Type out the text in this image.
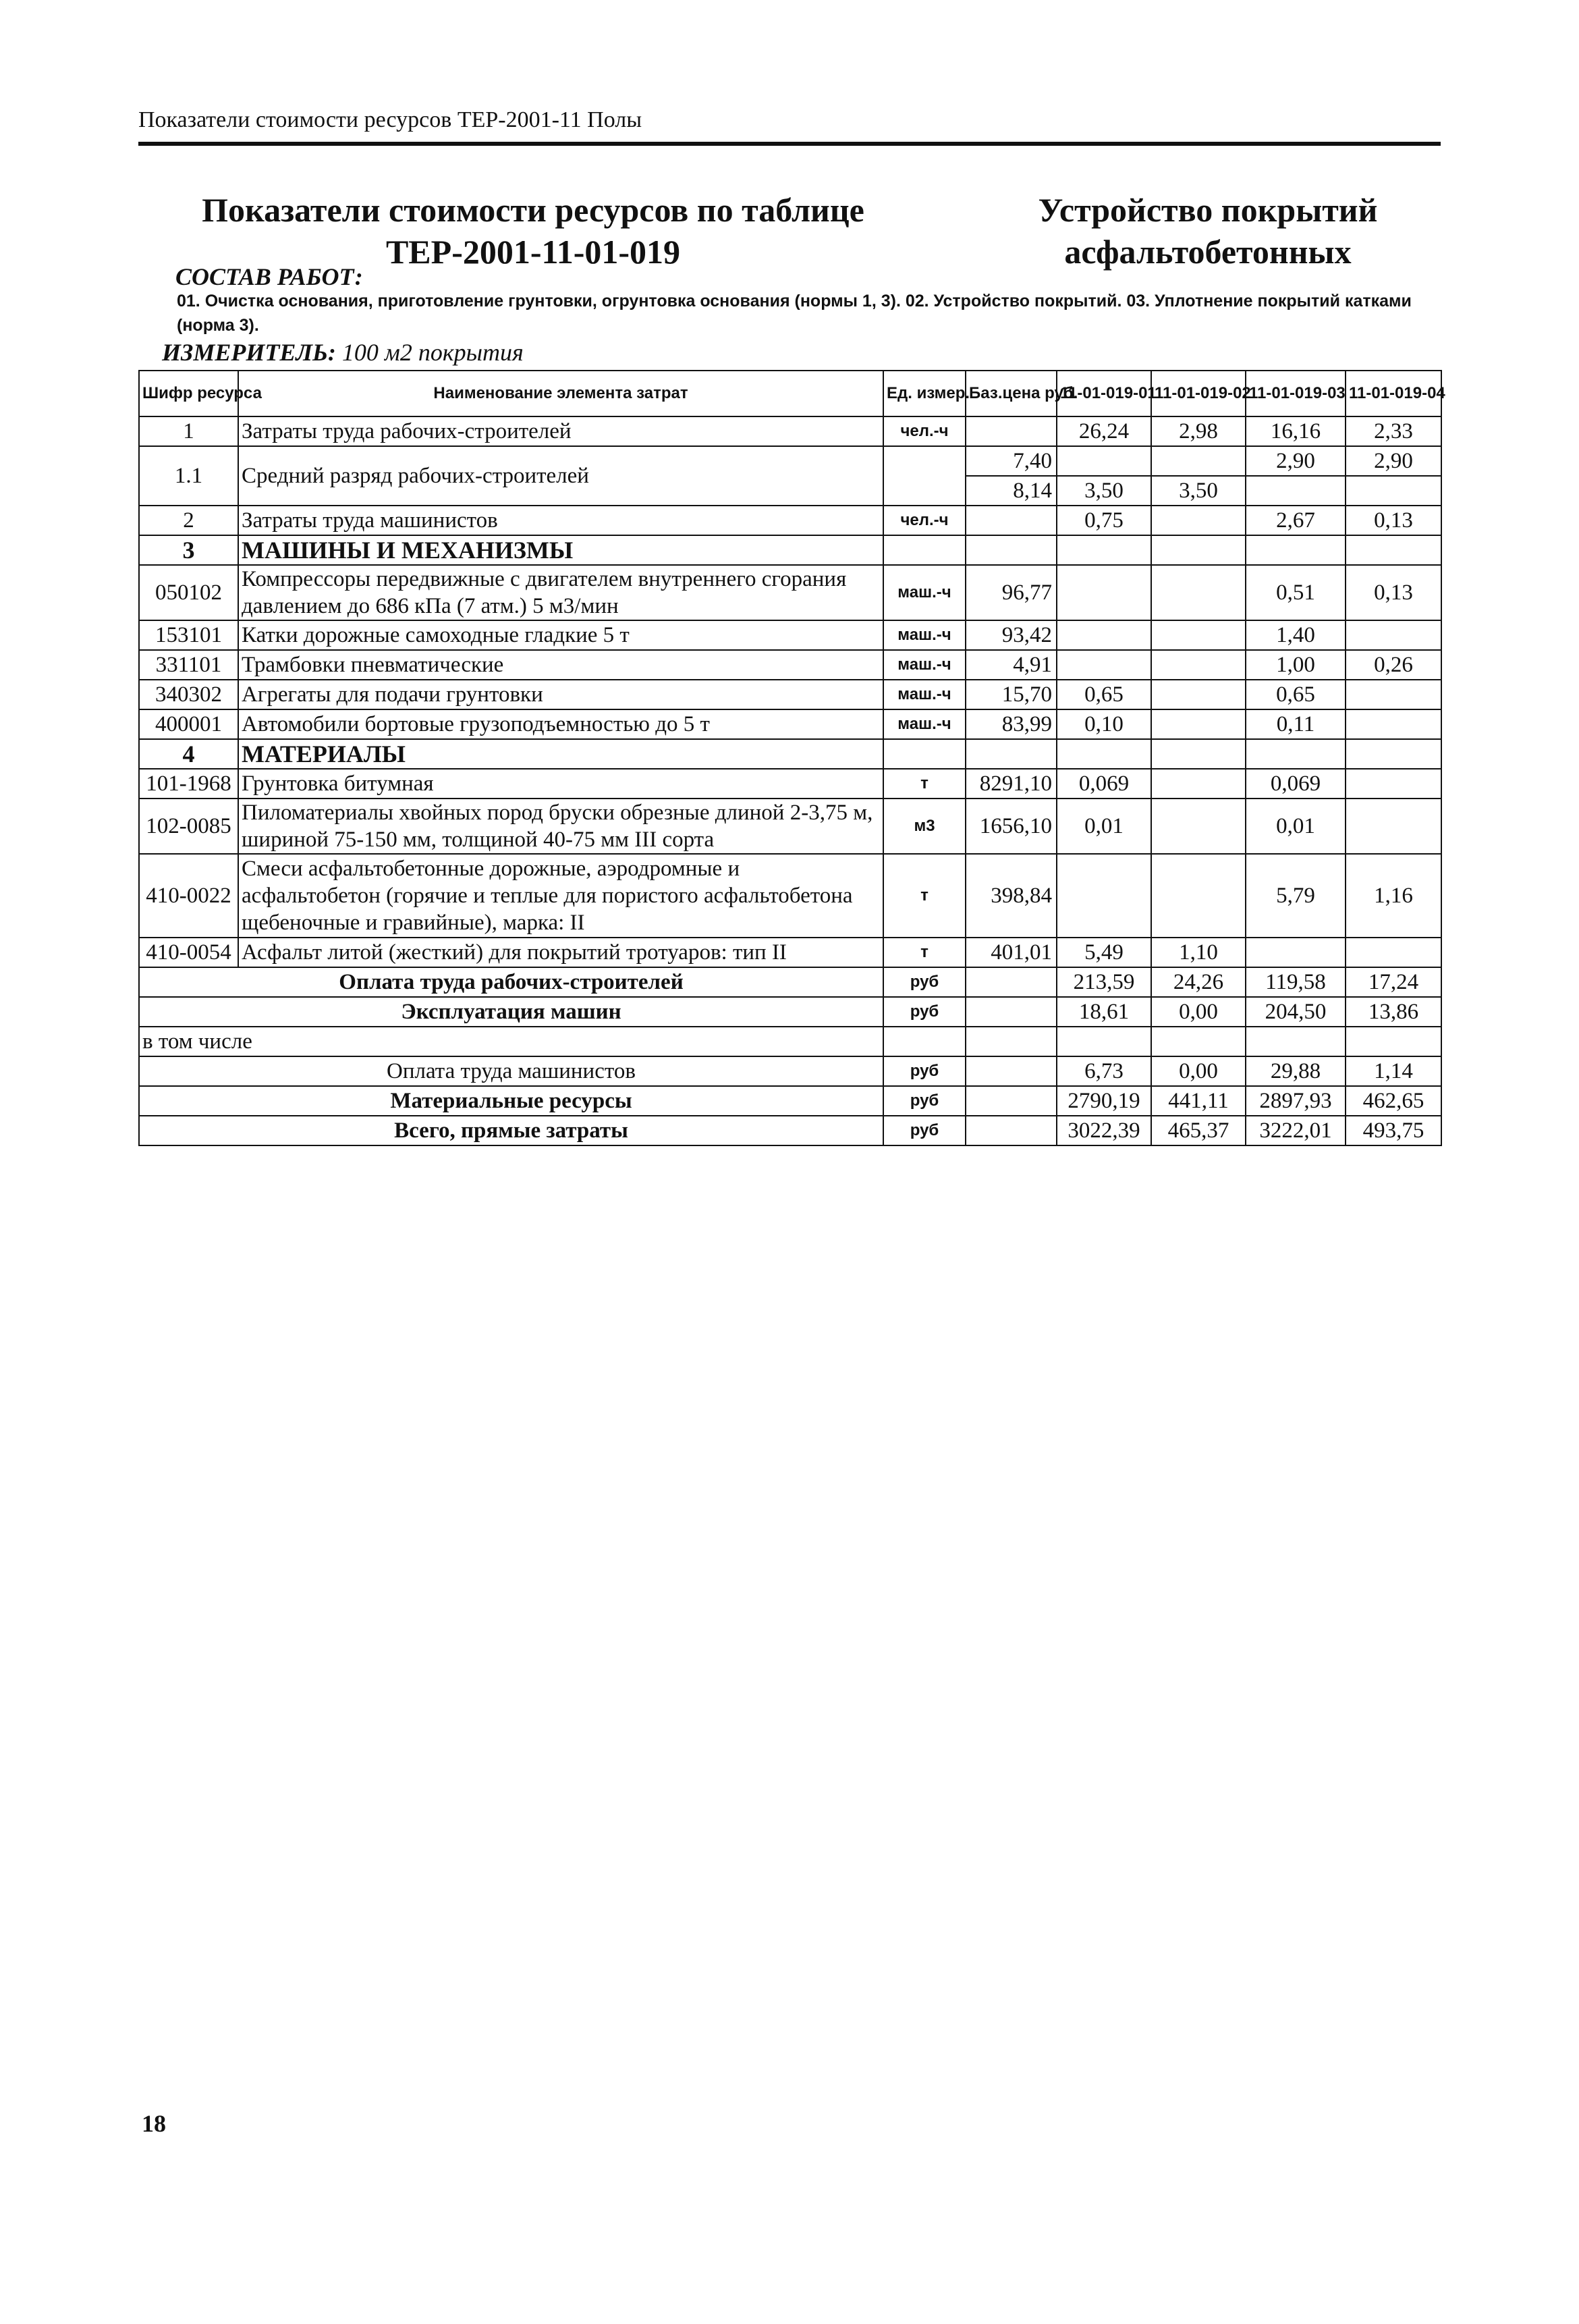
Показатели стоимости ресурсов ТЕР-2001-11 Полы
Показатели стоимости ресурсов по таблице ТЕР-2001-11-01-019
Устройство покрытий асфальтобетонных
СОСТАВ РАБОТ:
01. Очистка основания, приготовление грунтовки, огрунтовка основания (нормы 1, 3). 02. Устройство покрытий. 03. Уплотнение покрытий катками (норма 3).
ИЗМЕРИТЕЛЬ: 100 м2 покрытия
Шифр ресурса	Наименование элемента затрат	Ед. измер.	Баз.цена руб.	11-01-019-01	11-01-019-02	11-01-019-03	11-01-019-04
1	Затраты труда рабочих-строителей	чел.-ч		26,24	2,98	16,16	2,33
1.1	Средний разряд рабочих-строителей		7,40			2,90	2,90
			8,14	3,50	3,50		
2	Затраты труда машинистов	чел.-ч		0,75		2,67	0,13
3	МАШИНЫ И МЕХАНИЗМЫ						
050102	Компрессоры передвижные с двигателем внутреннего сгорания давлением до 686 кПа (7 атм.) 5 м3/мин	маш.-ч	96,77			0,51	0,13
153101	Катки дорожные самоходные гладкие 5 т	маш.-ч	93,42			1,40	
331101	Трамбовки пневматические	маш.-ч	4,91			1,00	0,26
340302	Агрегаты для подачи грунтовки	маш.-ч	15,70	0,65		0,65	
400001	Автомобили бортовые грузоподъемностью до 5 т	маш.-ч	83,99	0,10		0,11	
4	МАТЕРИАЛЫ						
101-1968	Грунтовка битумная	т	8291,10	0,069		0,069	
102-0085	Пиломатериалы хвойных пород бруски обрезные длиной 2-3,75 м, шириной 75-150 мм, толщиной 40-75 мм III сорта	м3	1656,10	0,01		0,01	
410-0022	Смеси асфальтобетонные дорожные, аэродромные и асфальтобетон (горячие и теплые для пористого асфальтобетона щебеночные и гравийные), марка: II	т	398,84			5,79	1,16
410-0054	Асфальт литой (жесткий) для покрытий тротуаров: тип II	т	401,01	5,49	1,10		
Оплата труда рабочих-строителей		руб		213,59	24,26	119,58	17,24
Эксплуатация машин		руб		18,61	0,00	204,50	13,86
в том числе							
Оплата труда машинистов		руб		6,73	0,00	29,88	1,14
Материальные ресурсы		руб		2790,19	441,11	2897,93	462,65
Всего, прямые затраты		руб		3022,39	465,37	3222,01	493,75
18
